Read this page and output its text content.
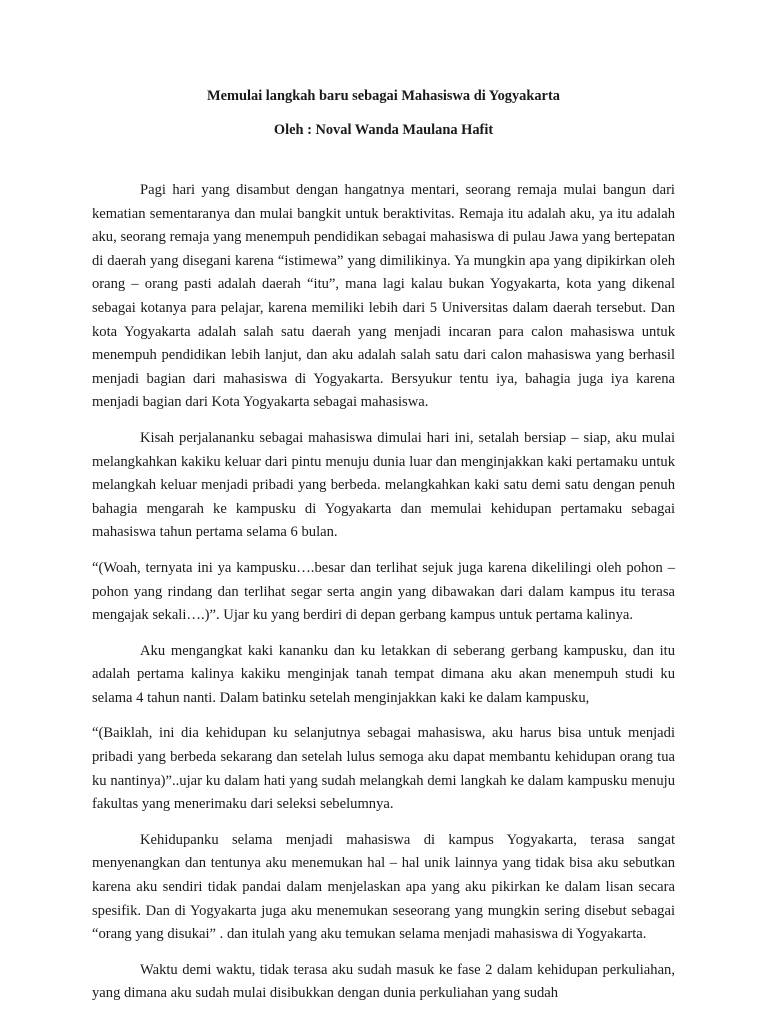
Memulai langkah baru sebagai Mahasiswa di Yogyakarta

Oleh : Noval Wanda Maulana Hafit

Pagi hari yang disambut dengan hangatnya mentari, seorang remaja mulai bangun dari kematian sementaranya dan mulai bangkit untuk beraktivitas. Remaja itu adalah aku, ya itu adalah aku, seorang remaja yang menempuh pendidikan sebagai mahasiswa di pulau Jawa yang bertepatan di daerah yang disegani karena “istimewa” yang dimilikinya. Ya mungkin apa yang dipikirkan oleh orang – orang pasti adalah daerah “itu”, mana lagi kalau bukan Yogyakarta, kota yang dikenal sebagai kotanya para pelajar, karena memiliki lebih dari 5 Universitas dalam daerah tersebut. Dan kota Yogyakarta adalah salah satu daerah yang menjadi incaran para calon mahasiswa untuk menempuh pendidikan lebih lanjut, dan aku adalah salah satu dari calon mahasiswa yang berhasil menjadi bagian dari mahasiswa di Yogyakarta. Bersyukur tentu iya, bahagia juga iya karena menjadi bagian dari Kota Yogyakarta sebagai mahasiswa.

Kisah perjalananku sebagai mahasiswa dimulai hari ini, setalah bersiap – siap, aku mulai melangkahkan kakiku keluar dari pintu menuju dunia luar dan menginjakkan kaki pertamaku untuk melangkah keluar menjadi pribadi yang berbeda. melangkahkan kaki satu demi satu dengan penuh bahagia mengarah ke kampusku di Yogyakarta dan memulai kehidupan pertamaku sebagai mahasiswa tahun pertama selama 6 bulan.

“(Woah, ternyata ini ya kampusku….besar dan terlihat sejuk juga karena dikelilingi oleh pohon – pohon yang rindang dan terlihat segar serta angin yang dibawakan dari dalam kampus itu terasa mengajak sekali….)”. Ujar ku yang berdiri di depan gerbang kampus untuk pertama kalinya.

Aku mengangkat kaki kananku dan ku letakkan di seberang gerbang kampusku, dan itu adalah pertama kalinya kakiku menginjak tanah tempat dimana aku akan menempuh studi ku selama 4 tahun nanti. Dalam batinku setelah menginjakkan kaki ke dalam kampusku,

“(Baiklah, ini dia kehidupan ku selanjutnya sebagai mahasiswa, aku harus bisa untuk menjadi pribadi yang berbeda sekarang dan setelah lulus semoga aku dapat membantu kehidupan orang tua ku nantinya)”..ujar ku dalam hati yang sudah melangkah demi langkah ke dalam kampusku menuju fakultas yang menerimaku dari seleksi sebelumnya.

Kehidupanku selama menjadi mahasiswa di kampus Yogyakarta, terasa sangat menyenangkan dan tentunya aku menemukan hal – hal unik lainnya yang tidak bisa aku sebutkan karena aku sendiri tidak pandai dalam menjelaskan apa yang aku pikirkan ke dalam lisan secara spesifik. Dan di Yogyakarta juga aku menemukan seseorang yang mungkin sering disebut sebagai “orang yang disukai” . dan itulah yang aku temukan selama menjadi mahasiswa di Yogyakarta.

Waktu demi waktu, tidak terasa aku sudah masuk ke fase 2 dalam kehidupan perkuliahan, yang dimana aku sudah mulai disibukkan dengan dunia perkuliahan yang sudah
